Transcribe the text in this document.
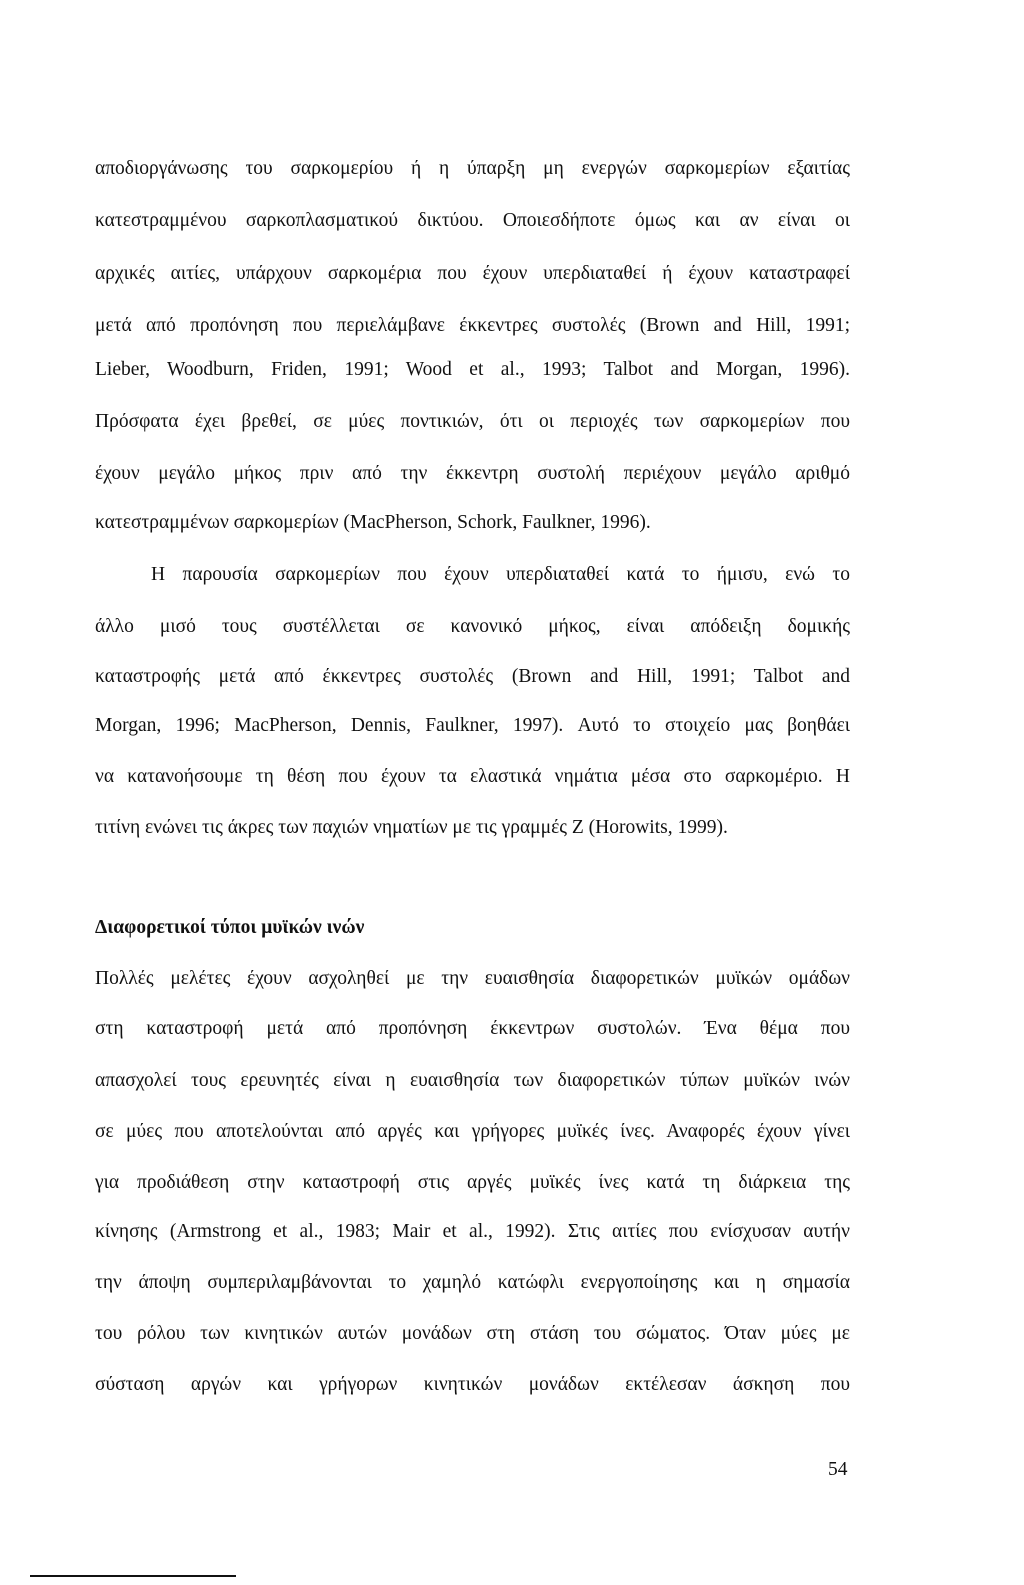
αποδιοργάνωσης του σαρκομερίου ή η ύπαρξη μη ενεργών σαρκομερίων εξαιτίας
κατεστραμμένου σαρκοπλασματικού δικτύου. Οποιεσδήποτε όμως και αν είναι οι
αρχικές αιτίες, υπάρχουν σαρκομέρια που έχουν υπερδιαταθεί ή έχουν καταστραφεί
μετά από προπόνηση που περιελάμβανε έκκεντρες συστολές (Brown and Hill, 1991;
Lieber, Woodburn, Friden, 1991; Wood et al., 1993; Talbot and Morgan, 1996).
Πρόσφατα έχει βρεθεί, σε μύες ποντικιών, ότι οι περιοχές των σαρκομερίων που
έχουν μεγάλο μήκος πριν από την έκκεντρη συστολή περιέχουν μεγάλο αριθμό
κατεστραμμένων σαρκομερίων (MacPherson, Schork, Faulkner, 1996).
Η παρουσία σαρκομερίων που έχουν υπερδιαταθεί κατά το ήμισυ, ενώ το
άλλο μισό τους συστέλλεται σε κανονικό μήκος, είναι απόδειξη δομικής
καταστροφής μετά από έκκεντρες συστολές (Brown and Hill, 1991; Talbot and
Morgan, 1996; MacPherson, Dennis, Faulkner, 1997). Αυτό το στοιχείο μας βοηθάει
να κατανοήσουμε τη θέση που έχουν τα ελαστικά νημάτια μέσα στο σαρκομέριο. Η
τιτίνη ενώνει τις άκρες των παχιών νηματίων με τις γραμμές Ζ (Horowits, 1999).
Διαφορετικοί τύποι μυϊκών ινών
Πολλές μελέτες έχουν ασχοληθεί με την ευαισθησία διαφορετικών μυϊκών ομάδων
στη καταστροφή μετά από προπόνηση έκκεντρων συστολών. Ένα θέμα που
απασχολεί τους ερευνητές είναι η ευαισθησία των διαφορετικών τύπων μυϊκών ινών
σε μύες που αποτελούνται από αργές και γρήγορες μυϊκές ίνες. Αναφορές έχουν γίνει
για προδιάθεση στην καταστροφή στις αργές μυϊκές ίνες κατά τη διάρκεια της
κίνησης (Armstrong et al., 1983; Mair et al., 1992). Στις αιτίες που ενίσχυσαν αυτήν
την άποψη συμπεριλαμβάνονται το χαμηλό κατώφλι ενεργοποίησης και η σημασία
του ρόλου των κινητικών αυτών μονάδων στη στάση του σώματος. Όταν μύες με
σύσταση αργών και γρήγορων κινητικών μονάδων εκτέλεσαν άσκηση που
54
